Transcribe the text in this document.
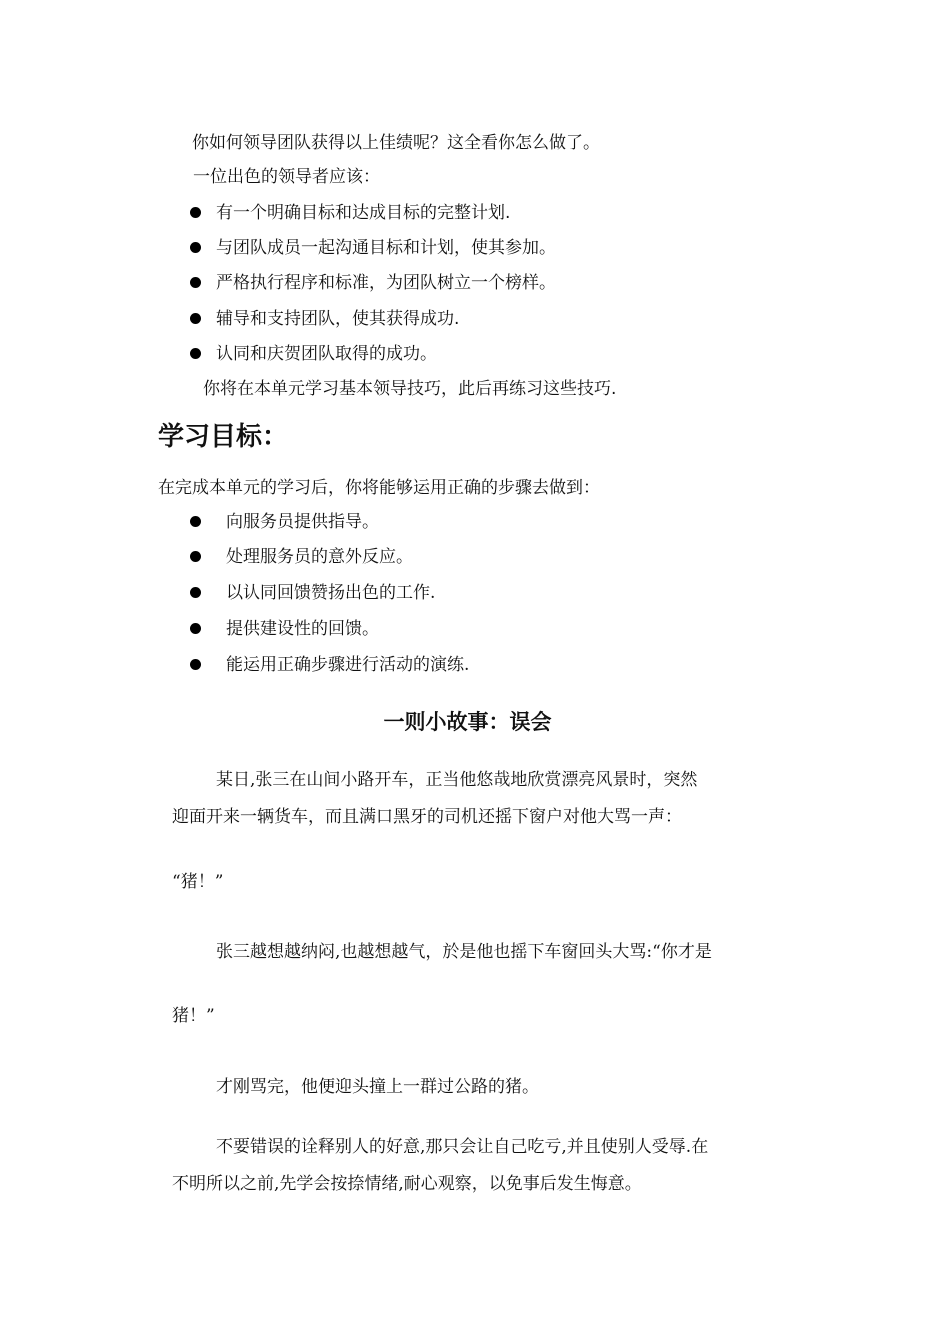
你如何领导团队获得以上佳绩呢？这全看你怎么做了。
一位出色的领导者应该：
有一个明确目标和达成目标的完整计划.
与团队成员一起沟通目标和计划，使其参加。
严格执行程序和标准，为团队树立一个榜样。
辅导和支持团队，使其获得成功.
认同和庆贺团队取得的成功。
你将在本单元学习基本领导技巧，此后再练习这些技巧.
学习目标：
在完成本单元的学习后，你将能够运用正确的步骤去做到：
向服务员提供指导。
处理服务员的意外反应。
以认同回馈赞扬出色的工作.
提供建设性的回馈。
能运用正确步骤进行活动的演练.
一则小故事：误会
某日,张三在山间小路开车，正当他悠哉地欣赏漂亮风景时，突然
迎面开来一辆货车，而且满口黑牙的司机还摇下窗户对他大骂一声：
“猪！”
张三越想越纳闷,也越想越气，於是他也摇下车窗回头大骂:“你才是
猪！”
才刚骂完，他便迎头撞上一群过公路的猪。
不要错误的诠释别人的好意,那只会让自己吃亏,并且使别人受辱.在
不明所以之前,先学会按捺情绪,耐心观察，以免事后发生悔意。
